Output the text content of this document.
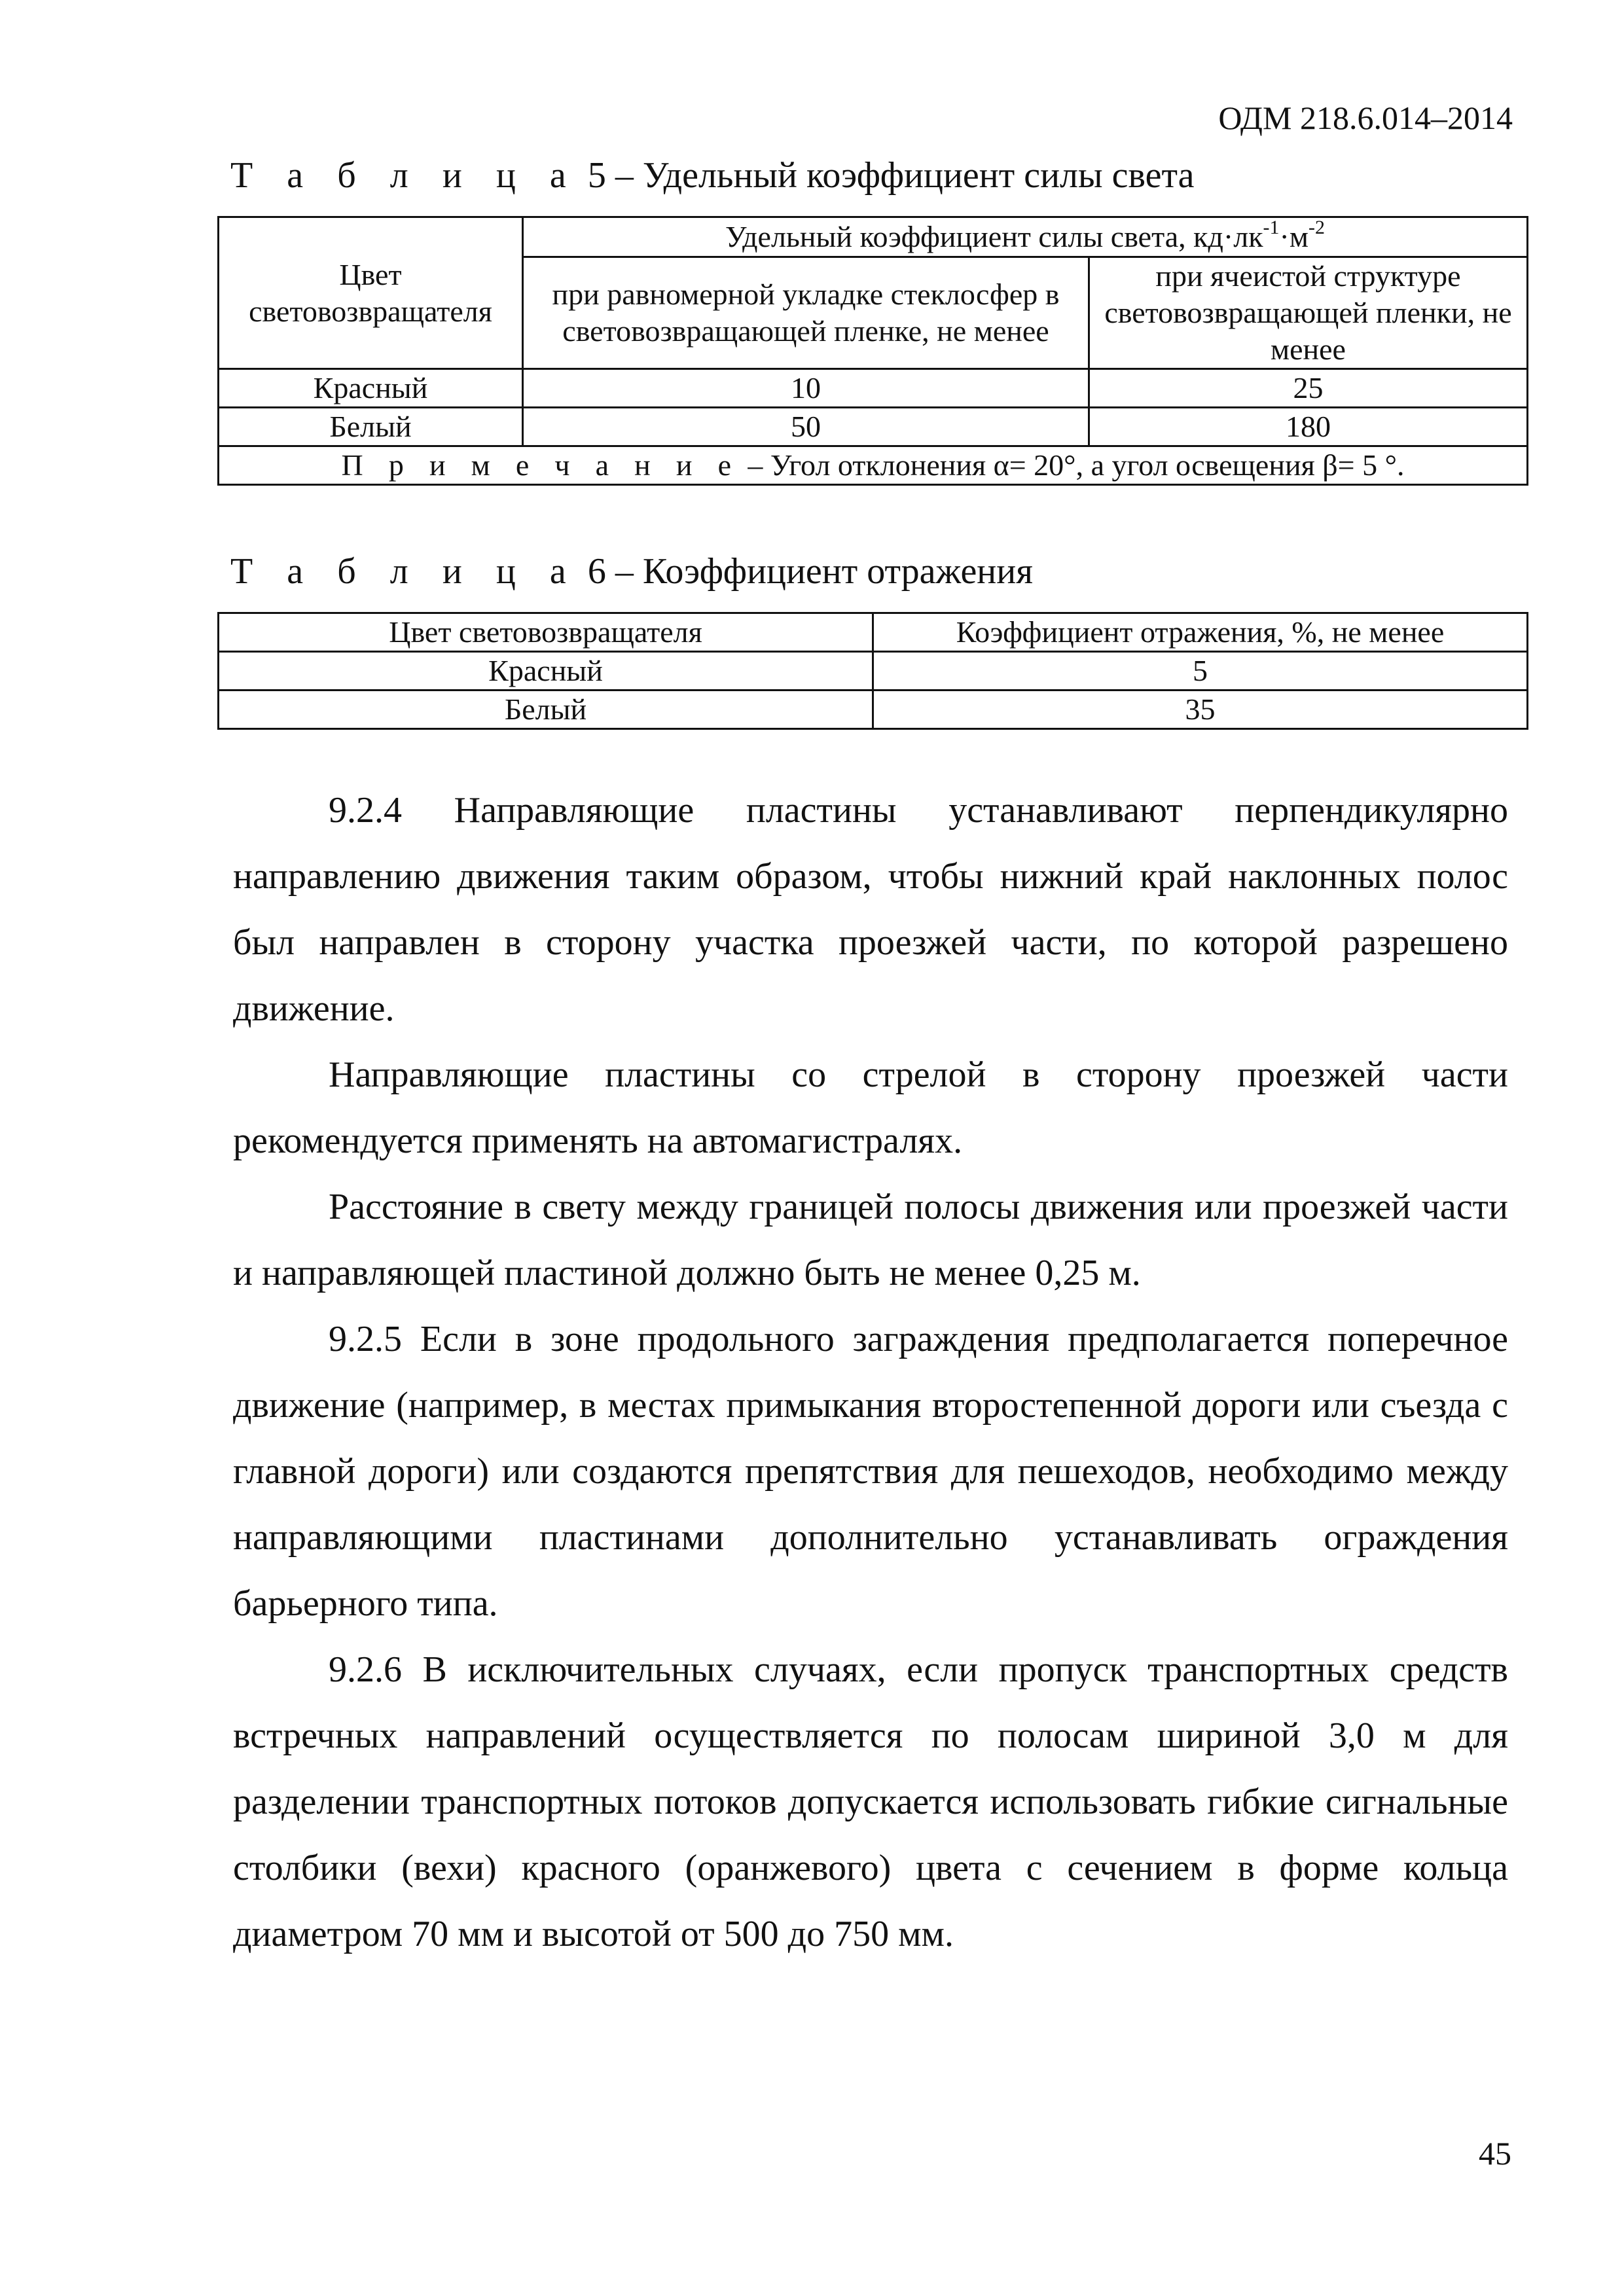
ОДМ 218.6.014–2014
Т а б л и ц а 5 – Удельный коэффициент силы света
Цвет световозвращателя	Удельный коэффициент силы света, $кд\cdot лк^{-1}\cdot м^{-2}$
	при равномерной укладке стеклосфер в световозвращающей пленке, не менее	при ячеистой структуре световозвращающей пленки, не менее
Красный	10	25
Белый	50	180
П р и м е ч а н и е – Угол отклонения α= 20°, а угол освещения β= 5 °.		
Т а б л и ц а 6 – Коэффициент отражения
Цвет световозвращателя	Коэффициент отражения, %, не менее
Красный	5
Белый	35

9.2.4 Направляющие пластины устанавливают перпендикулярно направлению движения таким образом, чтобы нижний край наклонных полос был направлен в сторону участка проезжей части, по которой разрешено движение.

Направляющие пластины со стрелой в сторону проезжей части рекомендуется применять на автомагистралях.

Расстояние в свету между границей полосы движения или проезжей части и направляющей пластиной должно быть не менее 0,25 м.

9.2.5 Если в зоне продольного заграждения предполагается поперечное движение (например, в местах примыкания второстепенной дороги или съезда с главной дороги) или создаются препятствия для пешеходов, необходимо между направляющими пластинами дополнительно устанавливать ограждения барьерного типа.

9.2.6 В исключительных случаях, если пропуск транспортных средств встречных направлений осуществляется по полосам шириной 3,0 м для разделении транспортных потоков допускается использовать гибкие сигнальные столбики (вехи) красного (оранжевого) цвета с сечением в форме кольца диаметром 70 мм и высотой от 500 до 750 мм.

45
